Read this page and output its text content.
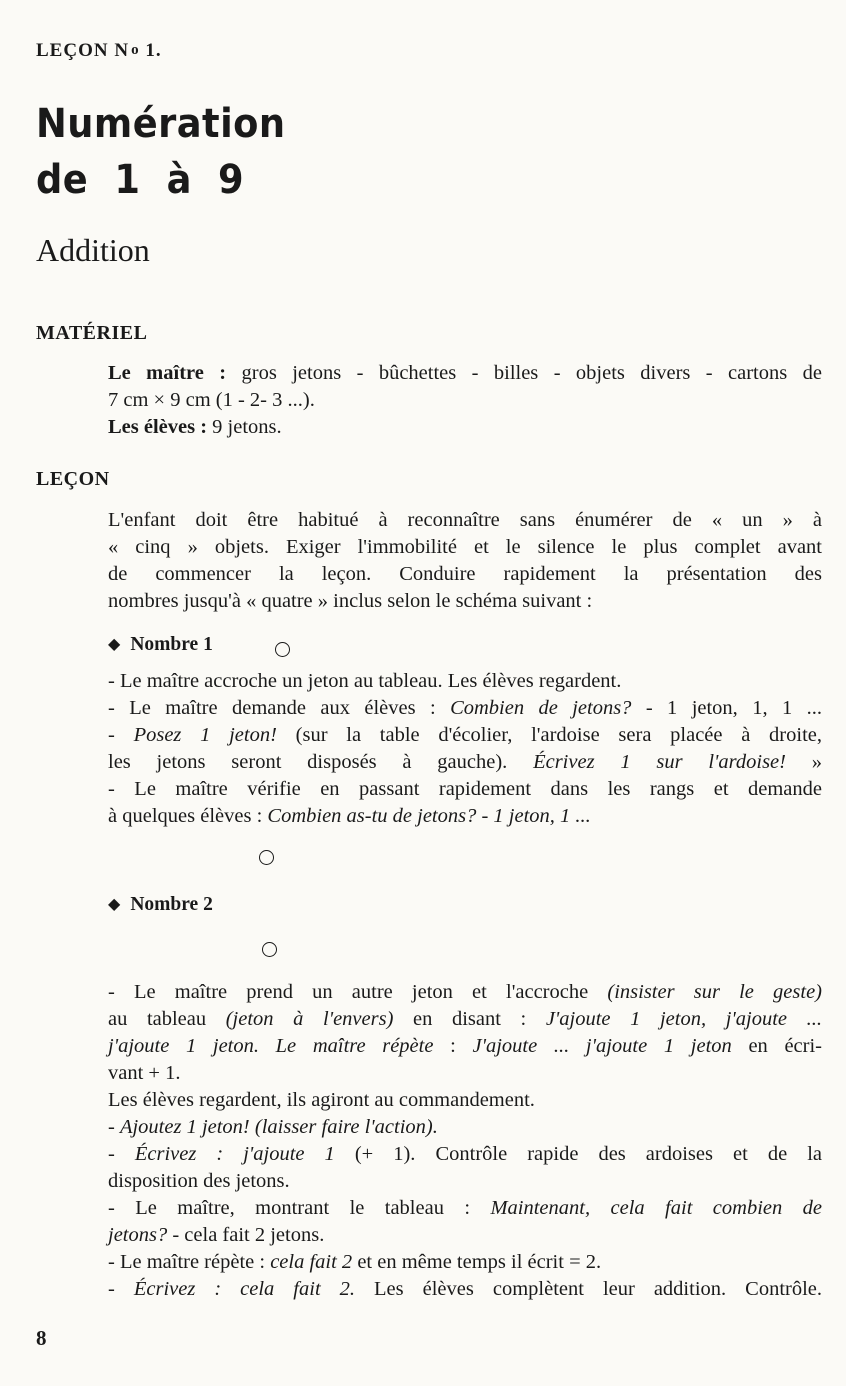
LEÇON N o 1.
Numération
de 1 à 9
Addition
MATÉRIEL
Le maître : gros jetons - bûchettes - billes - objets divers - cartons de
7 cm × 9 cm (1 - 2- 3 ...).
Les élèves : 9 jetons.
LEÇON
L'enfant doit être habitué à reconnaître sans énumérer de « un » à
« cinq » objets. Exiger l'immobilité et le silence le plus complet avant
de commencer la leçon. Conduire rapidement la présentation des
nombres jusqu'à « quatre » inclus selon le schéma suivant :
◆ Nombre 1
- Le maître accroche un jeton au tableau. Les élèves regardent.
- Le maître demande aux élèves : Combien de jetons? - 1 jeton, 1, 1 ...
- Posez 1 jeton! (sur la table d'écolier, l'ardoise sera placée à droite,
les jetons seront disposés à gauche). Écrivez 1 sur l'ardoise! »
- Le maître vérifie en passant rapidement dans les rangs et demande
à quelques élèves : Combien as-tu de jetons? - 1 jeton, 1 ...
◆ Nombre 2
- Le maître prend un autre jeton et l'accroche (insister sur le geste)
au tableau (jeton à l'envers) en disant : J'ajoute 1 jeton, j'ajoute ...
j'ajoute 1 jeton. Le maître répète : J'ajoute ... j'ajoute 1 jeton en écri-
vant + 1.
Les élèves regardent, ils agiront au commandement.
- Ajoutez 1 jeton! (laisser faire l'action).
- Écrivez : j'ajoute 1 (+ 1). Contrôle rapide des ardoises et de la
disposition des jetons.
- Le maître, montrant le tableau : Maintenant, cela fait combien de
jetons? - cela fait 2 jetons.
- Le maître répète : cela fait 2 et en même temps il écrit = 2.
- Écrivez : cela fait 2. Les élèves complètent leur addition. Contrôle.
8
